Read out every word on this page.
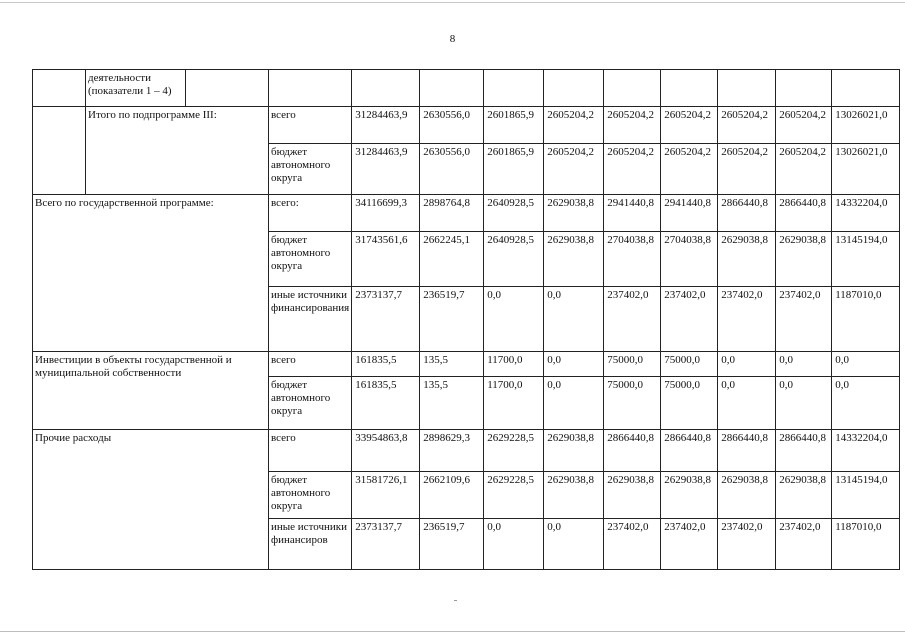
8
	деятельности (показатели 1 – 4)											
	Итого по подпрограмме III:		всего	31284463,9	2630556,0	2601865,9	2605204,2	2605204,2	2605204,2	2605204,2	2605204,2	13026021,0
			бюджет автономного округа	31284463,9	2630556,0	2601865,9	2605204,2	2605204,2	2605204,2	2605204,2	2605204,2	13026021,0
Всего по государственной программе:			всего:	34116699,3	2898764,8	2640928,5	2629038,8	2941440,8	2941440,8	2866440,8	2866440,8	14332204,0
			бюджет автономного округа	31743561,6	2662245,1	2640928,5	2629038,8	2704038,8	2704038,8	2629038,8	2629038,8	13145194,0
			иные источники финансирования	2373137,7	236519,7	0,0	0,0	237402,0	237402,0	237402,0	237402,0	1187010,0
Инвестиции в объекты государственной и муниципальной собственности			всего	161835,5	135,5	11700,0	0,0	75000,0	75000,0	0,0	0,0	0,0
			бюджет автономного округа	161835,5	135,5	11700,0	0,0	75000,0	75000,0	0,0	0,0	0,0
Прочие расходы			всего	33954863,8	2898629,3	2629228,5	2629038,8	2866440,8	2866440,8	2866440,8	2866440,8	14332204,0
			бюджет автономного округа	31581726,1	2662109,6	2629228,5	2629038,8	2629038,8	2629038,8	2629038,8	2629038,8	13145194,0
			иные источники финансиров	2373137,7	236519,7	0,0	0,0	237402,0	237402,0	237402,0	237402,0	1187010,0
